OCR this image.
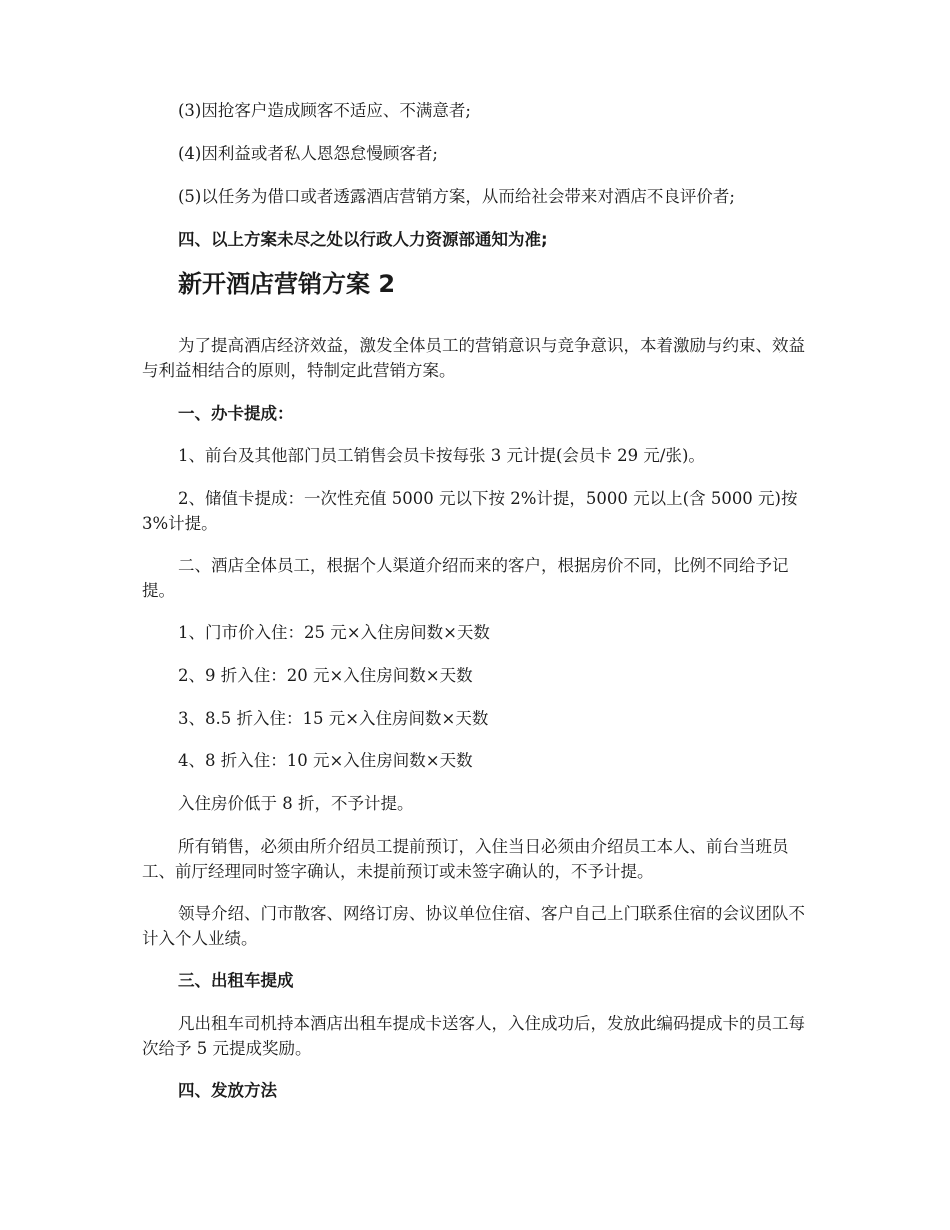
(3)因抢客户造成顾客不适应、不满意者;

(4)因利益或者私人恩怨怠慢顾客者;

(5)以任务为借口或者透露酒店营销方案，从而给社会带来对酒店不良评价者;

四、以上方案未尽之处以行政人力资源部通知为准;

新开酒店营销方案 2

为了提高酒店经济效益，激发全体员工的营销意识与竞争意识，本着激励与约束、效益与利益相结合的原则，特制定此营销方案。

一、办卡提成：

1、前台及其他部门员工销售会员卡按每张 3 元计提(会员卡 29 元/张)。

2、储值卡提成：一次性充值 5000 元以下按 2%计提，5000 元以上(含 5000 元)按 3%计提。

二、酒店全体员工，根据个人渠道介绍而来的客户，根据房价不同，比例不同给予记提。

1、门市价入住：25 元×入住房间数×天数

2、9 折入住：20 元×入住房间数×天数

3、8.5 折入住：15 元×入住房间数×天数

4、8 折入住：10 元×入住房间数×天数

入住房价低于 8 折，不予计提。

所有销售，必须由所介绍员工提前预订，入住当日必须由介绍员工本人、前台当班员工、前厅经理同时签字确认，未提前预订或未签字确认的，不予计提。

领导介绍、门市散客、网络订房、协议单位住宿、客户自己上门联系住宿的会议团队不计入个人业绩。

三、出租车提成

凡出租车司机持本酒店出租车提成卡送客人，入住成功后，发放此编码提成卡的员工每次给予 5 元提成奖励。

四、发放方法
